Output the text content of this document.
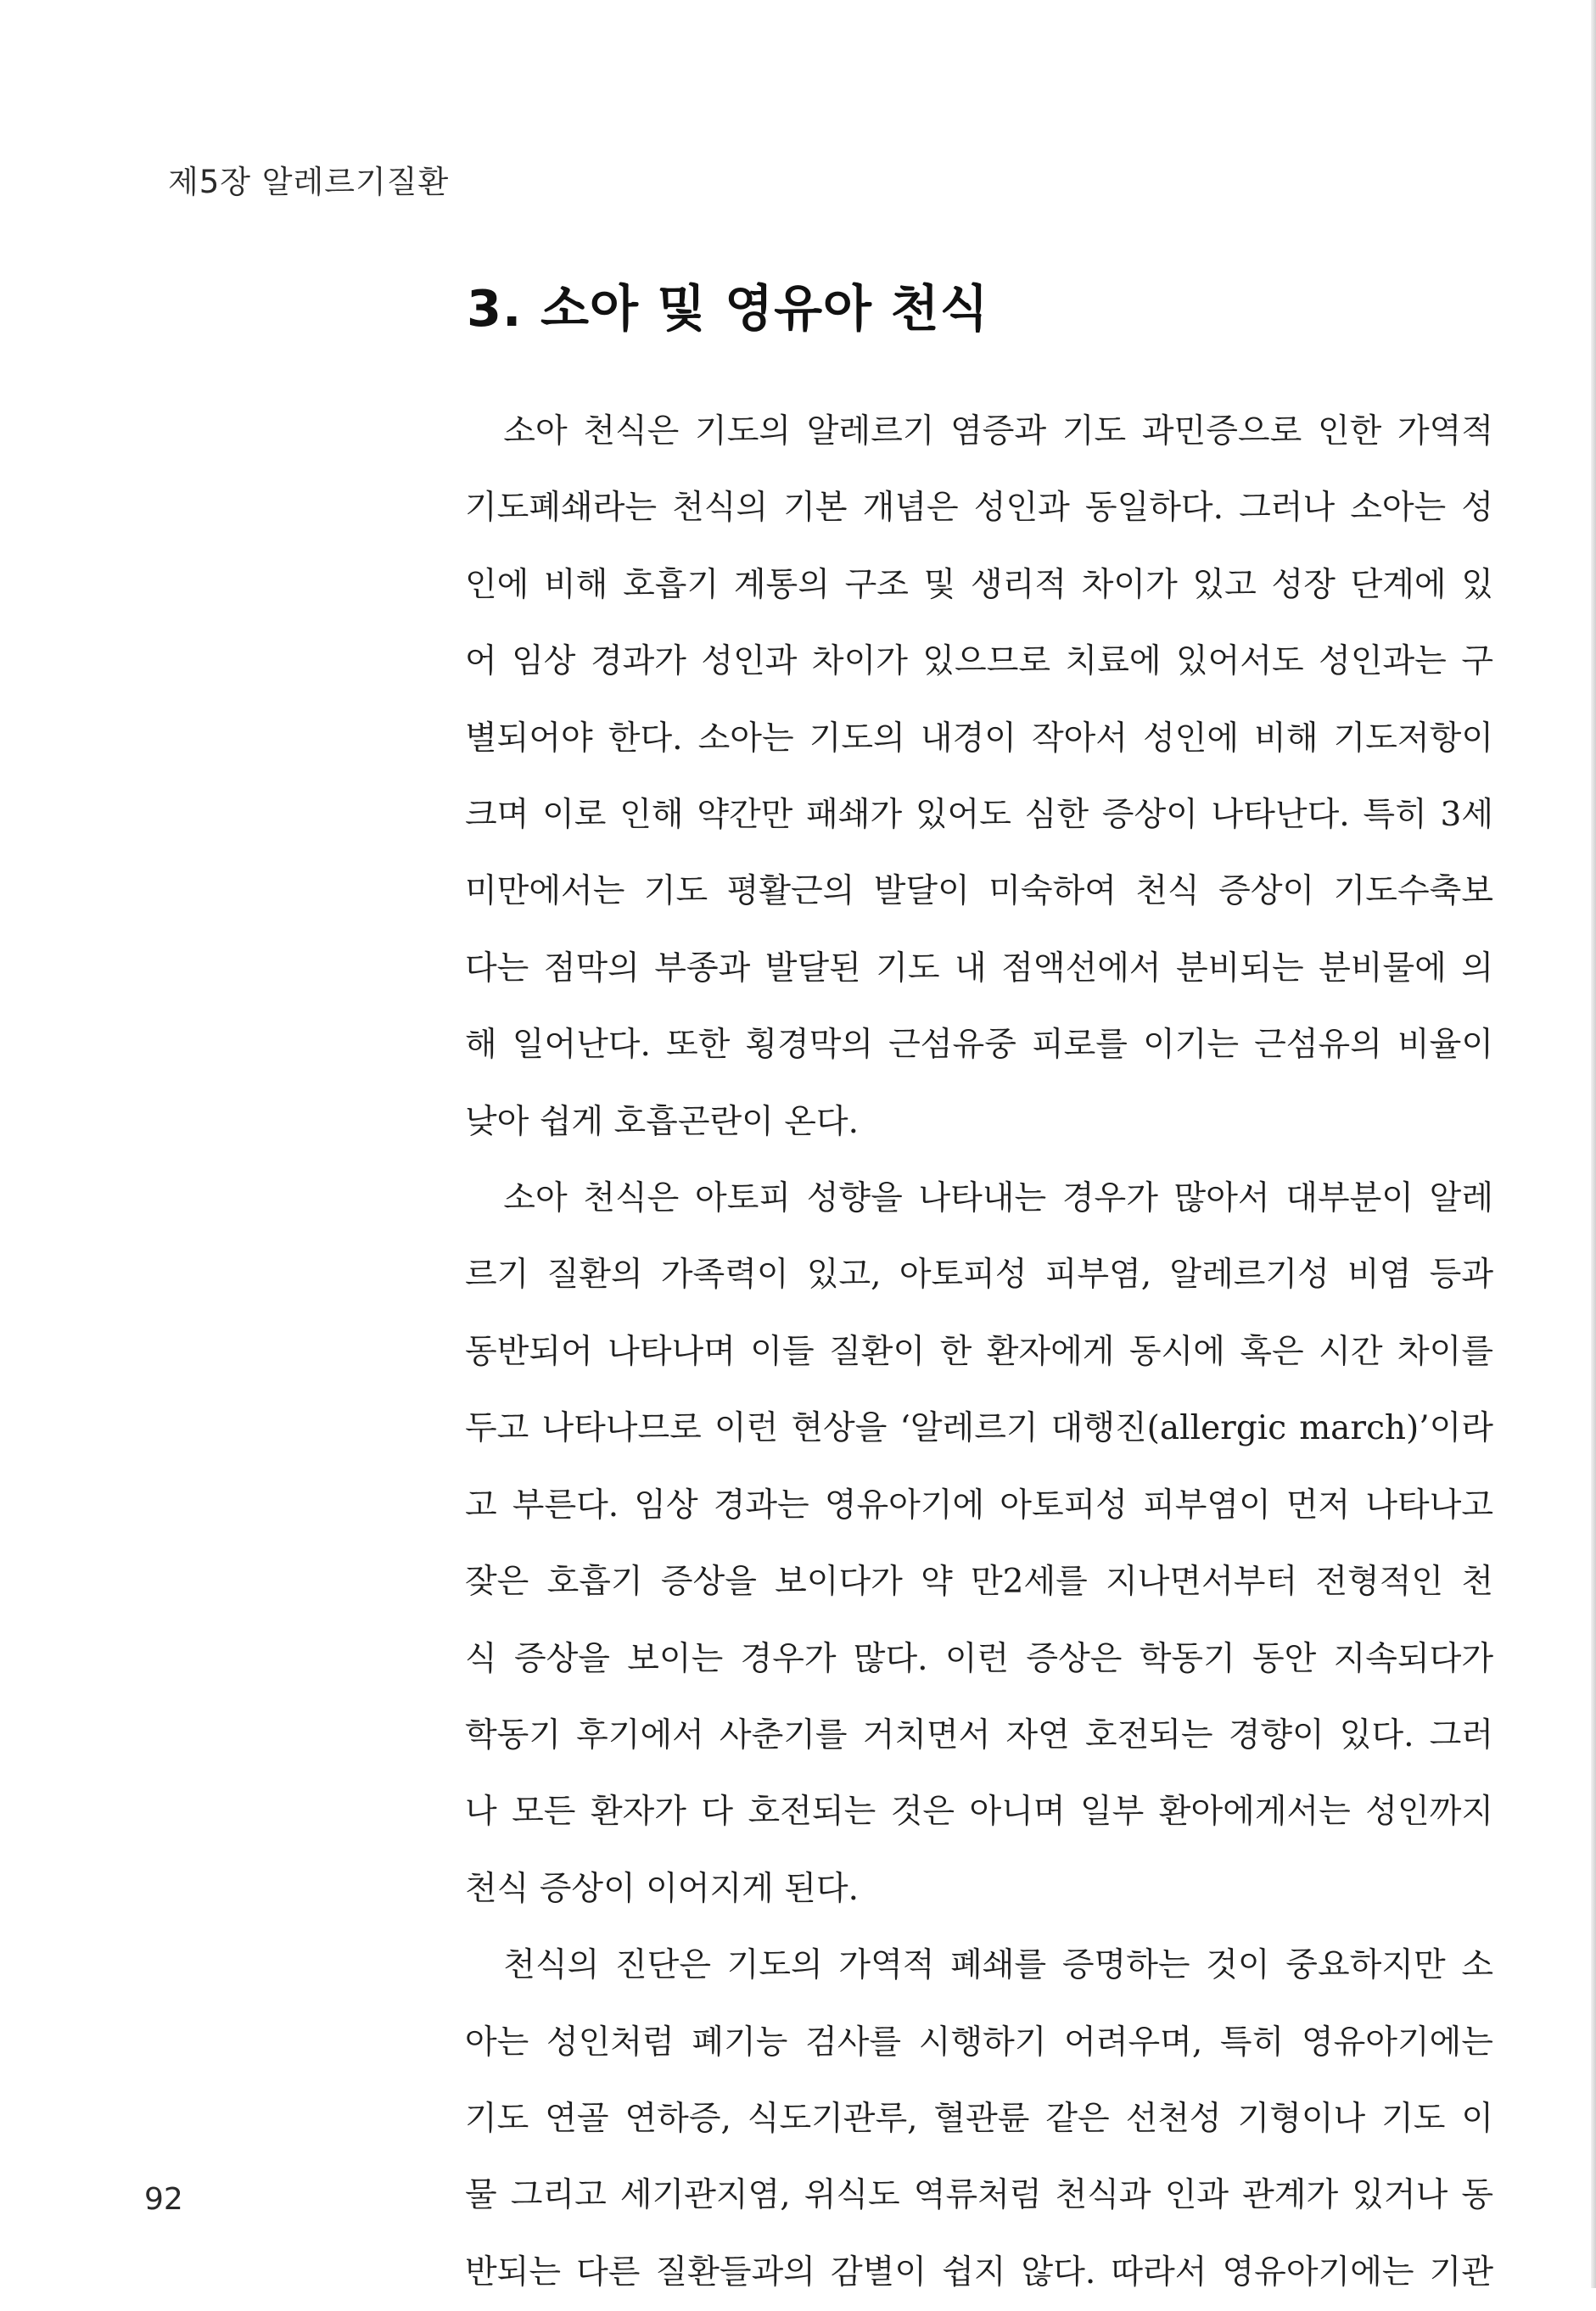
제5장 알레르기질환
3. 소아 및 영유아 천식

　소아 천식은 기도의 알레르기 염증과 기도 과민증으로 인한 가역적
기도폐쇄라는 천식의 기본 개념은 성인과 동일하다. 그러나 소아는 성
인에 비해 호흡기 계통의 구조 및 생리적 차이가 있고 성장 단계에 있
어 임상 경과가 성인과 차이가 있으므로 치료에 있어서도 성인과는 구
별되어야 한다. 소아는 기도의 내경이 작아서 성인에 비해 기도저항이
크며 이로 인해 약간만 패쇄가 있어도 심한 증상이 나타난다. 특히 3세
미만에서는 기도 평활근의 발달이 미숙하여 천식 증상이 기도수축보
다는 점막의 부종과 발달된 기도 내 점액선에서 분비되는 분비물에 의
해 일어난다. 또한 횡경막의 근섬유중 피로를 이기는 근섬유의 비율이
낮아 쉽게 호흡곤란이 온다.

　소아 천식은 아토피 성향을 나타내는 경우가 많아서 대부분이 알레
르기 질환의 가족력이 있고, 아토피성 피부염, 알레르기성 비염 등과
동반되어 나타나며 이들 질환이 한 환자에게 동시에 혹은 시간 차이를
두고 나타나므로 이런 현상을 ‘알레르기 대행진(allergic march)’이라
고 부른다. 임상 경과는 영유아기에 아토피성 피부염이 먼저 나타나고
잦은 호흡기 증상을 보이다가 약 만2세를 지나면서부터 전형적인 천
식 증상을 보이는 경우가 많다. 이런 증상은 학동기 동안 지속되다가
학동기 후기에서 사춘기를 거치면서 자연 호전되는 경향이 있다. 그러
나 모든 환자가 다 호전되는 것은 아니며 일부 환아에게서는 성인까지
천식 증상이 이어지게 된다.

　천식의 진단은 기도의 가역적 폐쇄를 증명하는 것이 중요하지만 소
아는 성인처럼 폐기능 검사를 시행하기 어려우며, 특히 영유아기에는
기도 연골 연하증, 식도기관루, 혈관륜 같은 선천성 기형이나 기도 이
물 그리고 세기관지염, 위식도 역류처럼 천식과 인과 관계가 있거나 동
반되는 다른 질환들과의 감별이 쉽지 않다. 따라서 영유아기에는 기관

92
